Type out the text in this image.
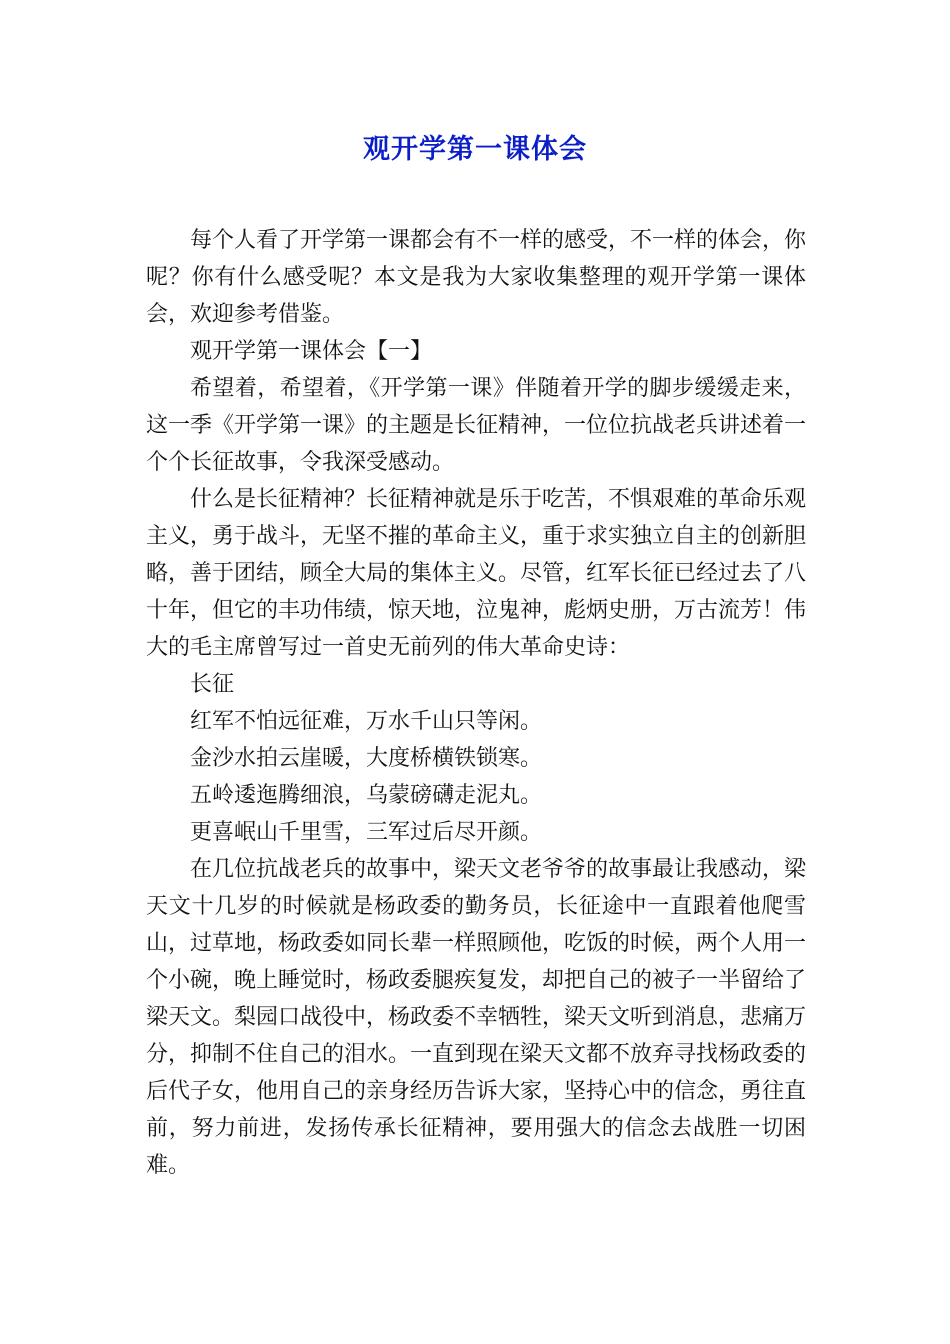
观开学第一课体会

每个人看了开学第一课都会有不一样的感受，不一样的体会，你呢？你有什么感受呢？本文是我为大家收集整理的观开学第一课体会，欢迎参考借鉴。

观开学第一课体会【一】

希望着，希望着，《开学第一课》伴随着开学的脚步缓缓走来，这一季《开学第一课》的主题是长征精神，一位位抗战老兵讲述着一个个长征故事，令我深受感动。

什么是长征精神？长征精神就是乐于吃苦，不惧艰难的革命乐观主义，勇于战斗，无坚不摧的革命主义，重于求实独立自主的创新胆略，善于团结，顾全大局的集体主义。尽管，红军长征已经过去了八十年，但它的丰功伟绩，惊天地，泣鬼神，彪炳史册，万古流芳！伟大的毛主席曾写过一首史无前列的伟大革命史诗：

长征

红军不怕远征难，万水千山只等闲。

金沙水拍云崖暖，大度桥横铁锁寒。

五岭逶迤腾细浪，乌蒙磅礴走泥丸。

更喜岷山千里雪，三军过后尽开颜。

在几位抗战老兵的故事中，梁天文老爷爷的故事最让我感动，梁天文十几岁的时候就是杨政委的勤务员，长征途中一直跟着他爬雪山，过草地，杨政委如同长辈一样照顾他，吃饭的时候，两个人用一个小碗，晚上睡觉时，杨政委腿疾复发，却把自己的被子一半留给了梁天文。梨园口战役中，杨政委不幸牺牲，梁天文听到消息，悲痛万分，抑制不住自己的泪水。一直到现在梁天文都不放弃寻找杨政委的后代子女，他用自己的亲身经历告诉大家，坚持心中的信念，勇往直前，努力前进，发扬传承长征精神，要用强大的信念去战胜一切困难。
